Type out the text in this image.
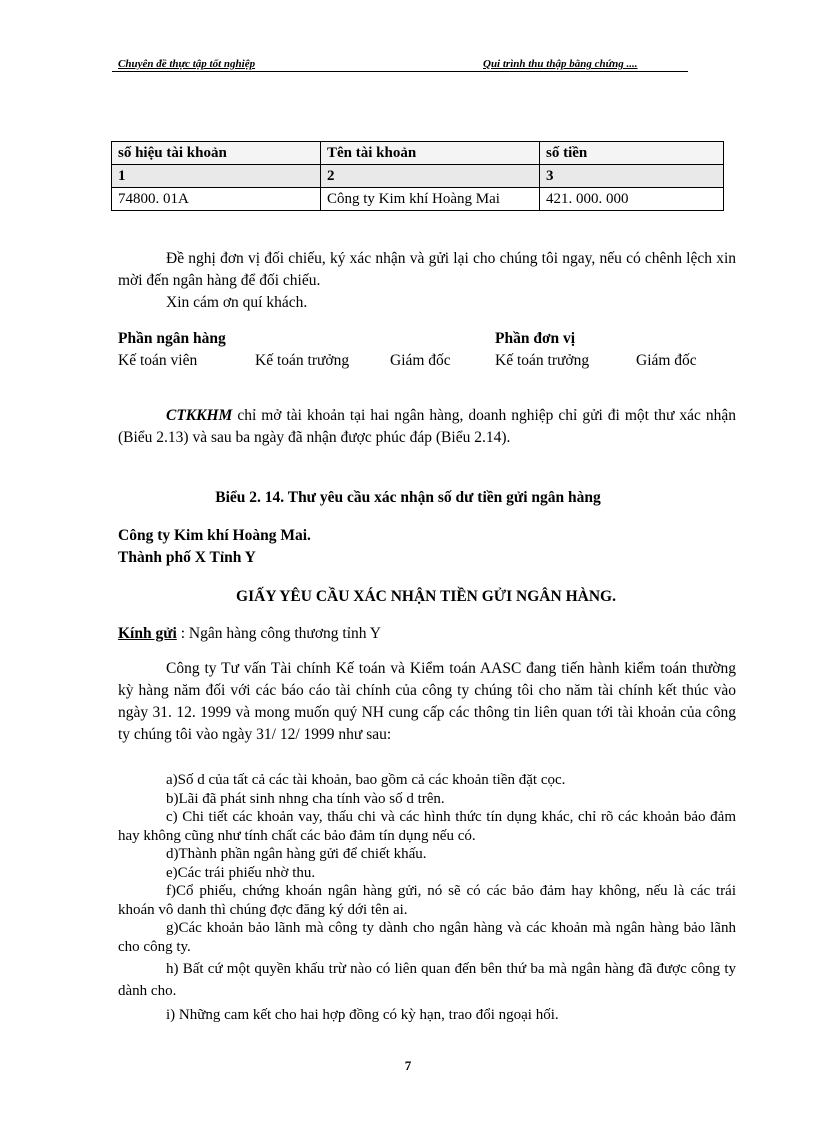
Chuyên đề thực tập tốt nghiệp	Qui trình thu thập bằng chứng ....
số hiệu tài khoản	Tên tài khoản	số tiền
1	2	3
74800. 01A	Công ty Kim khí Hoàng Mai	421. 000. 000
Đề nghị đơn vị đối chiếu, ký xác nhận và gửi lại cho chúng tôi ngay, nếu có chênh lệch xin mời đến ngân hàng để đối chiếu.
Xin cám ơn quí khách.
Phần ngân hàng	Phần đơn vị
Kế toán viên	Kế toán trưởng	Giám đốc	Kế toán trưởng	Giám đốc
CTKKHM chỉ mở tài khoản tại hai ngân hàng, doanh nghiệp chỉ gửi đi một thư xác nhận (Biểu 2.13) và sau ba ngày đã nhận được phúc đáp (Biểu 2.14).
Biểu 2. 14. Thư yêu cầu xác nhận số dư tiền gửi ngân hàng
Công ty Kim khí Hoàng Mai.
Thành phố X Tỉnh Y
GIẤY YÊU CẦU XÁC NHẬN TIỀN GỬI NGÂN HÀNG.
Kính gửi : Ngân hàng công thương tỉnh Y
Công ty Tư vấn Tài chính Kế toán và Kiểm toán AASC đang tiến hành kiểm toán thường kỳ hàng năm đối với các báo cáo tài chính của công ty chúng tôi cho năm tài chính kết thúc vào ngày 31. 12. 1999 và mong muốn quý NH cung cấp các thông tin liên quan tới tài khoản của công ty chúng tôi vào ngày 31/ 12/ 1999 như sau:
a)Số d của tất cả các tài khoản, bao gồm cả các khoản tiền đặt cọc.
b)Lãi đã phát sinh nhng cha tính vào số d trên.
c) Chi tiết các khoản vay, thấu chi và các hình thức tín dụng khác, chỉ rõ các khoản bảo đảm hay không cũng như tính chất các bảo đảm tín dụng nếu có.
d)Thành phần ngân hàng gửi để chiết khấu.
e)Các trái phiếu nhờ thu.
f)Cổ phiếu, chứng khoán ngân hàng gửi, nó sẽ có các bảo đảm hay không, nếu là các trái khoán vô danh thì chúng đợc đăng ký dới tên ai.
g)Các khoản bảo lãnh mà công ty dành cho ngân hàng và các khoản mà ngân hàng bảo lãnh cho công ty.
h) Bất cứ một quyền khấu trừ nào có liên quan đến bên thứ ba mà ngân hàng đã được công ty dành cho.
i) Những cam kết cho hai hợp đồng có kỳ hạn, trao đổi ngoại hối.
7
